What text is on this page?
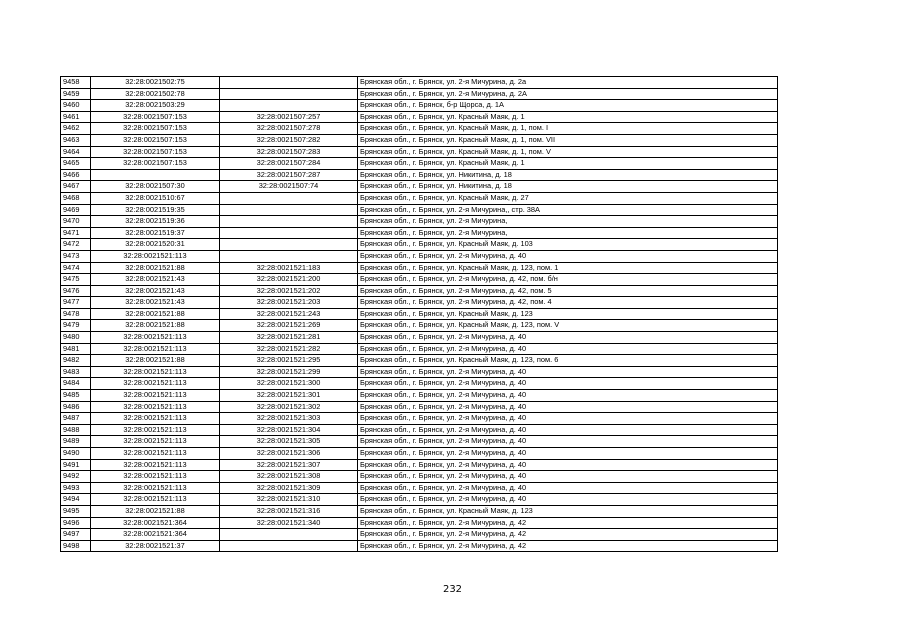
9458	32:28:0021502:75		Брянская обл., г. Брянск, ул. 2-я Мичурина, д. 2а
9459	32:28:0021502:78		Брянская обл., г. Брянск, ул. 2-я Мичурина, д. 2А
9460	32:28:0021503:29		Брянская обл., г. Брянск, б-р Щорса, д. 1А
9461	32:28:0021507:153	32:28:0021507:257	Брянская обл., г. Брянск, ул. Красный Маяк, д. 1
9462	32:28:0021507:153	32:28:0021507:278	Брянская обл., г. Брянск, ул. Красный Маяк, д. 1, пом. I
9463	32:28:0021507:153	32:28:0021507:282	Брянская обл., г. Брянск, ул. Красный Маяк, д. 1, пом. VII
9464	32:28:0021507:153	32:28:0021507:283	Брянская обл., г. Брянск, ул. Красный Маяк, д. 1, пом. V
9465	32:28:0021507:153	32:28:0021507:284	Брянская обл., г. Брянск, ул. Красный Маяк, д. 1
9466		32:28:0021507:287	Брянская обл., г. Брянск, ул. Никитина, д. 18
9467	32:28:0021507:30	32:28:0021507:74	Брянская обл., г. Брянск, ул. Никитина, д. 18
9468	32:28:0021510:67		Брянская обл., г. Брянск, ул. Красный Маяк, д. 27
9469	32:28:0021519:35		Брянская обл., г. Брянск, ул. 2-я Мичурина,, стр. 38А
9470	32:28:0021519:36		Брянская обл., г. Брянск, ул. 2-я Мичурина,
9471	32:28:0021519:37		Брянская обл., г. Брянск, ул. 2-я Мичурина,
9472	32:28:0021520:31		Брянская обл., г. Брянск, ул. Красный Маяк, д. 103
9473	32:28:0021521:113		Брянская обл., г. Брянск, ул. 2-я Мичурина, д. 40
9474	32:28:0021521:88	32:28:0021521:183	Брянская обл., г. Брянск, ул. Красный Маяк, д. 123, пом. 1
9475	32:28:0021521:43	32:28:0021521:200	Брянская обл., г. Брянск, ул. 2-я Мичурина, д. 42, пом. б/н
9476	32:28:0021521:43	32:28:0021521:202	Брянская обл., г. Брянск, ул. 2-я Мичурина, д. 42, пом. 5
9477	32:28:0021521:43	32:28:0021521:203	Брянская обл., г. Брянск, ул. 2-я Мичурина, д. 42, пом. 4
9478	32:28:0021521:88	32:28:0021521:243	Брянская обл., г. Брянск, ул. Красный Маяк, д. 123
9479	32:28:0021521:88	32:28:0021521:269	Брянская обл., г. Брянск, ул. Красный Маяк, д. 123, пом. V
9480	32:28:0021521:113	32:28:0021521:281	Брянская обл., г. Брянск, ул. 2-я Мичурина, д. 40
9481	32:28:0021521:113	32:28:0021521:282	Брянская обл., г. Брянск, ул. 2-я Мичурина, д. 40
9482	32:28:0021521:88	32:28:0021521:295	Брянская обл., г. Брянск, ул. Красный Маяк, д. 123, пом. 6
9483	32:28:0021521:113	32:28:0021521:299	Брянская обл., г. Брянск, ул. 2-я Мичурина, д. 40
9484	32:28:0021521:113	32:28:0021521:300	Брянская обл., г. Брянск, ул. 2-я Мичурина, д. 40
9485	32:28:0021521:113	32:28:0021521:301	Брянская обл., г. Брянск, ул. 2-я Мичурина, д. 40
9486	32:28:0021521:113	32:28:0021521:302	Брянская обл., г. Брянск, ул. 2-я Мичурина, д. 40
9487	32:28:0021521:113	32:28:0021521:303	Брянская обл., г. Брянск, ул. 2-я Мичурина, д. 40
9488	32:28:0021521:113	32:28:0021521:304	Брянская обл., г. Брянск, ул. 2-я Мичурина, д. 40
9489	32:28:0021521:113	32:28:0021521:305	Брянская обл., г. Брянск, ул. 2-я Мичурина, д. 40
9490	32:28:0021521:113	32:28:0021521:306	Брянская обл., г. Брянск, ул. 2-я Мичурина, д. 40
9491	32:28:0021521:113	32:28:0021521:307	Брянская обл., г. Брянск, ул. 2-я Мичурина, д. 40
9492	32:28:0021521:113	32:28:0021521:308	Брянская обл., г. Брянск, ул. 2-я Мичурина, д. 40
9493	32:28:0021521:113	32:28:0021521:309	Брянская обл., г. Брянск, ул. 2-я Мичурина, д. 40
9494	32:28:0021521:113	32:28:0021521:310	Брянская обл., г. Брянск, ул. 2-я Мичурина, д. 40
9495	32:28:0021521:88	32:28:0021521:316	Брянская обл., г. Брянск, ул. Красный Маяк, д. 123
9496	32:28:0021521:364	32:28:0021521:340	Брянская обл., г. Брянск, ул. 2-я Мичурина, д. 42
9497	32:28:0021521:364		Брянская обл., г. Брянск, ул. 2-я Мичурина, д. 42
9498	32:28:0021521:37		Брянская обл., г. Брянск, ул. 2-я Мичурина, д. 42
232
